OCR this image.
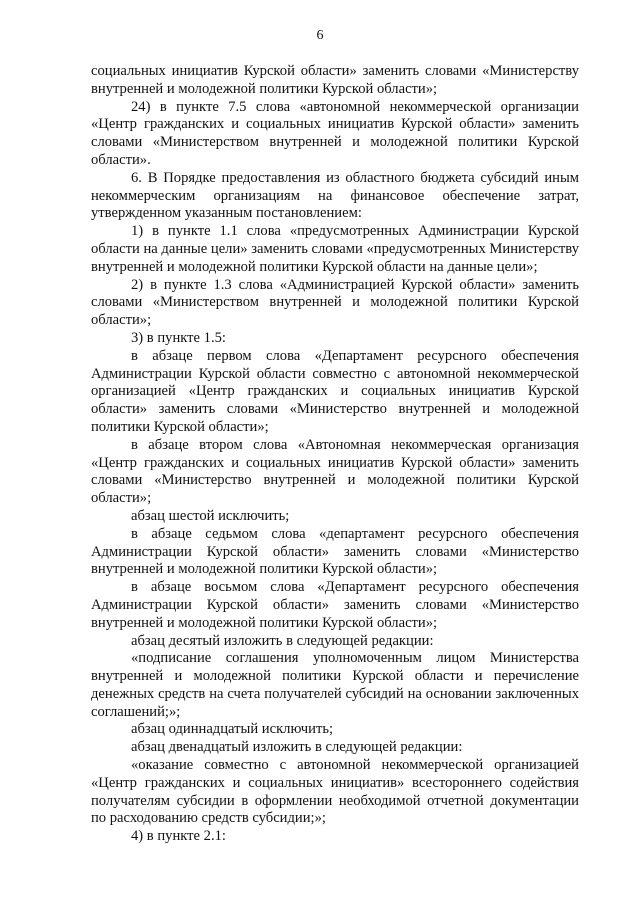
6

социальных инициатив Курской области» заменить словами «Министерству внутренней и молодежной политики Курской области»;

24) в пункте 7.5 слова «автономной некоммерческой организации «Центр гражданских и социальных инициатив Курской области» заменить словами «Министерством внутренней и молодежной политики Курской области».

6. В Порядке предоставления из областного бюджета субсидий иным некоммерческим организациям на финансовое обеспечение затрат, утвержденном указанным постановлением:

1) в пункте 1.1 слова «предусмотренных Администрации Курской области на данные цели» заменить словами «предусмотренных Министерству внутренней и молодежной политики Курской области на данные цели»;

2) в пункте 1.3 слова «Администрацией Курской области» заменить словами «Министерством внутренней и молодежной политики Курской области»;

3) в пункте 1.5:

в абзаце первом слова «Департамент ресурсного обеспечения Администрации Курской области совместно с автономной некоммерческой организацией «Центр гражданских и социальных инициатив Курской области» заменить словами «Министерство внутренней и молодежной политики Курской области»;

в абзаце втором слова «Автономная некоммерческая организация «Центр гражданских и социальных инициатив Курской области» заменить словами «Министерство внутренней и молодежной политики Курской области»;

абзац шестой исключить;

в абзаце седьмом слова «департамент ресурсного обеспечения Администрации Курской области» заменить словами «Министерство внутренней и молодежной политики Курской области»;

в абзаце восьмом слова «Департамент ресурсного обеспечения Администрации Курской области» заменить словами «Министерство внутренней и молодежной политики Курской области»;

абзац десятый изложить в следующей редакции:

«подписание соглашения уполномоченным лицом Министерства внутренней и молодежной политики Курской области и перечисление денежных средств на счета получателей субсидий на основании заключенных соглашений;»;

абзац одиннадцатый исключить;

абзац двенадцатый изложить в следующей редакции:

«оказание совместно с автономной некоммерческой организацией «Центр гражданских и социальных инициатив» всестороннего содействия получателям субсидии в оформлении необходимой отчетной документации по расходованию средств субсидии;»;

4) в пункте 2.1:
